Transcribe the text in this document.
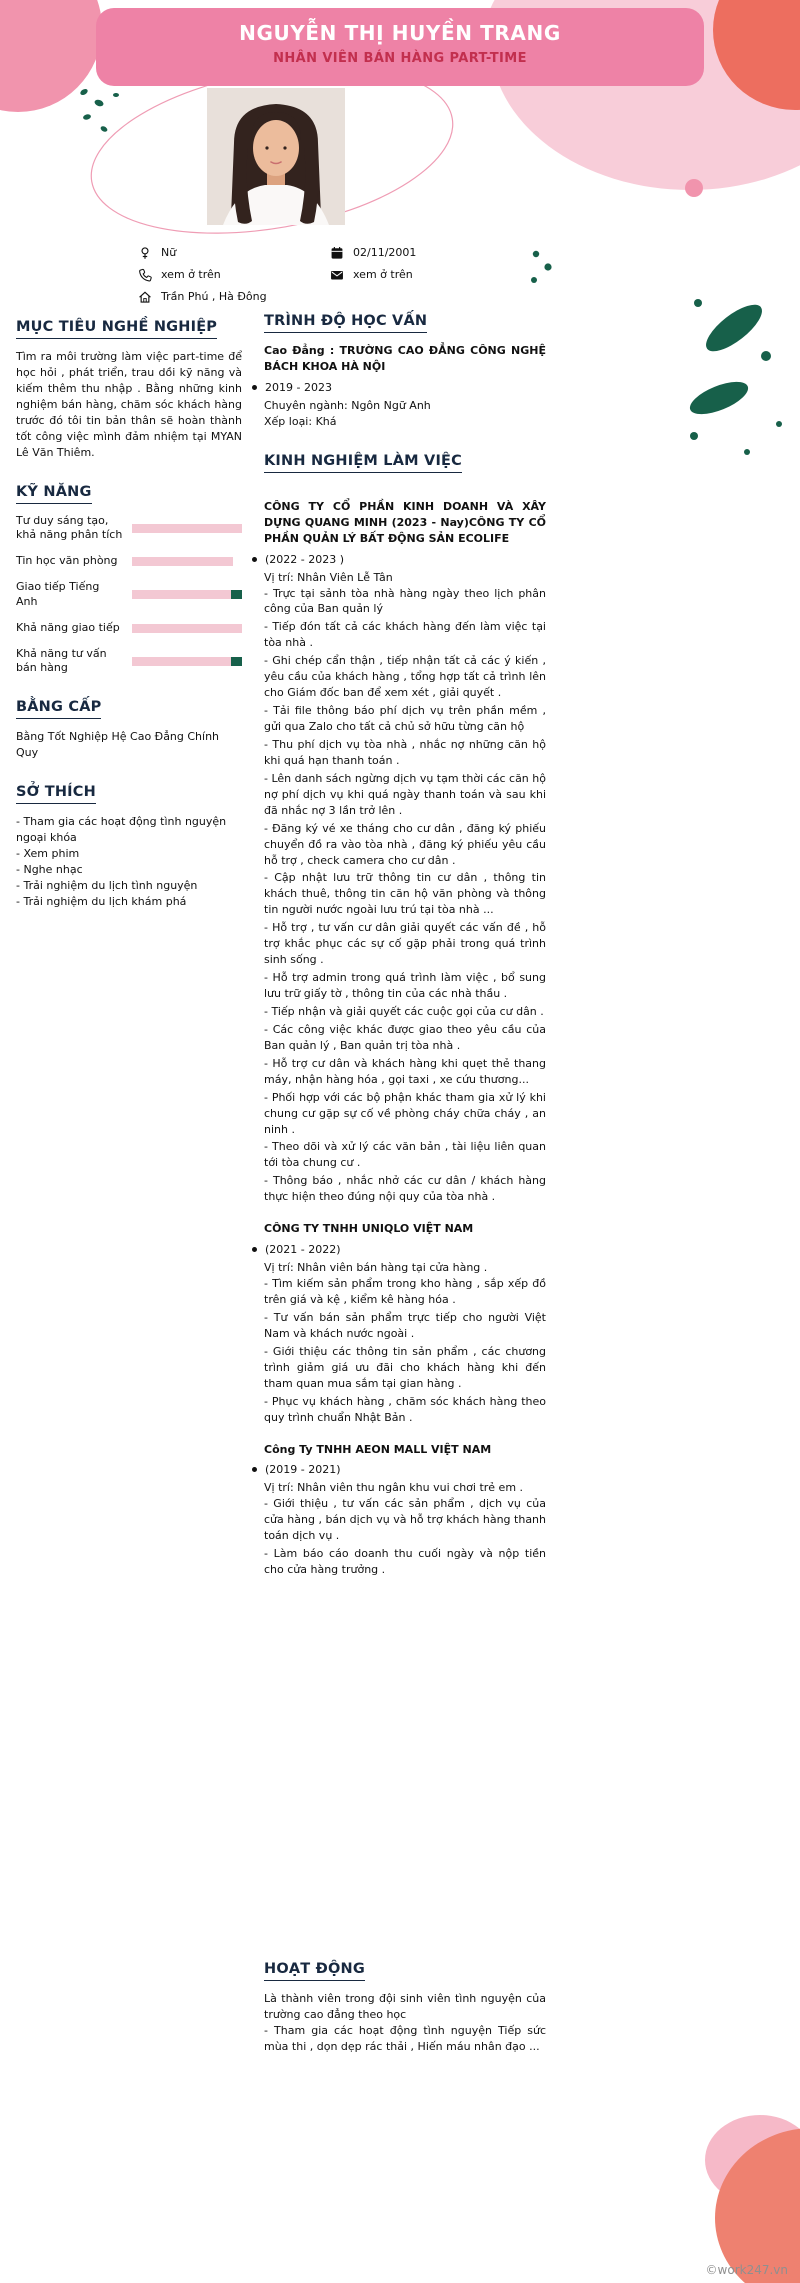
NGUYỄN THỊ HUYỀN TRANG
NHÂN VIÊN BÁN HÀNG PART-TIME
Nữ
xem ở trên
Trần Phú , Hà Đông
02/11/2001
xem ở trên
MỤC TIÊU NGHỀ NGHIỆP

Tìm ra môi trường làm việc part-time để học hỏi , phát triển, trau dồi kỹ năng và kiếm thêm thu nhập . Bằng những kinh nghiệm bán hàng, chăm sóc khách hàng trước đó tôi tin bản thân sẽ hoàn thành tốt công việc mình đảm nhiệm tại MYAN Lê Văn Thiêm.

KỸ NĂNG
Tư duy sáng tạo, khả năng phân tích
Tin học văn phòng
Giao tiếp Tiếng Anh
Khả năng giao tiếp
Khả năng tư vấn bán hàng
BẰNG CẤP

Bằng Tốt Nghiệp Hệ Cao Đẳng Chính Quy

SỞ THÍCH

- Tham gia các hoạt động tình nguyện ngoại khóa

- Xem phim

- Nghe nhạc

- Trải nghiệm du lịch tình nguyện

- Trải nghiệm du lịch khám phá

TRÌNH ĐỘ HỌC VẤN

Cao Đẳng : TRƯỜNG CAO ĐẲNG CÔNG NGHỆ BÁCH KHOA HÀ NỘI

2019 - 2023

Chuyên ngành: Ngôn Ngữ Anh

Xếp loại: Khá

KINH NGHIỆM LÀM VIỆC

CÔNG TY CỔ PHẦN KINH DOANH VÀ XÂY DỰNG QUANG MINH (2023 - Nay)CÔNG TY CỔ PHẦN QUẢN LÝ BẤT ĐỘNG SẢN ECOLIFE

(2022 - 2023 )

Vị trí: Nhân Viên Lễ Tân

- Trực tại sảnh tòa nhà hàng ngày theo lịch phân công của Ban quản lý

- Tiếp đón tất cả các khách hàng đến làm việc tại tòa nhà .

- Ghi chép cẩn thận , tiếp nhận tất cả các ý kiến , yêu cầu của khách hàng , tổng hợp tất cả trình lên cho Giám đốc ban để xem xét , giải quyết .

- Tải file thông báo phí dịch vụ trên phần mềm , gửi qua Zalo cho tất cả chủ sở hữu từng căn hộ

- Thu phí dịch vụ tòa nhà , nhắc nợ những căn hộ khi quá hạn thanh toán .

- Lên danh sách ngừng dịch vụ tạm thời các căn hộ nợ phí dịch vụ khi quá ngày thanh toán và sau khi đã nhắc nợ 3 lần trở lên .

- Đăng ký vé xe tháng cho cư dân , đăng ký phiếu chuyển đồ ra vào tòa nhà , đăng ký phiếu yêu cầu hỗ trợ , check camera cho cư dân .

- Cập nhật lưu trữ thông tin cư dân , thông tin khách thuê, thông tin căn hộ văn phòng và thông tin người nước ngoài lưu trú tại tòa nhà ...

- Hỗ trợ , tư vấn cư dân giải quyết các vấn đề , hỗ trợ khắc phục các sự cố gặp phải trong quá trình sinh sống .

- Hỗ trợ admin trong quá trình làm việc , bổ sung lưu trữ giấy tờ , thông tin của các nhà thầu .

- Tiếp nhận và giải quyết các cuộc gọi của cư dân .

- Các công việc khác được giao theo yêu cầu của Ban quản lý , Ban quản trị tòa nhà .

- Hỗ trợ cư dân và khách hàng khi quẹt thẻ thang máy, nhận hàng hóa , gọi taxi , xe cứu thương...

- Phối hợp với các bộ phận khác tham gia xử lý khi chung cư gặp sự cố về phòng cháy chữa cháy , an ninh .

- Theo dõi và xử lý các văn bản , tài liệu liên quan tới tòa chung cư .

- Thông báo , nhắc nhở các cư dân / khách hàng thực hiện theo đúng nội quy của tòa nhà .

CÔNG TY TNHH UNIQLO VIỆT NAM

(2021 - 2022)

Vị trí: Nhân viên bán hàng tại cửa hàng .

- Tìm kiếm sản phẩm trong kho hàng , sắp xếp đồ trên giá và kệ , kiểm kê hàng hóa .

- Tư vấn bán sản phẩm trực tiếp cho người Việt Nam và khách nước ngoài .

- Giới thiệu các thông tin sản phẩm , các chương trình giảm giá ưu đãi cho khách hàng khi đến tham quan mua sắm tại gian hàng .

- Phục vụ khách hàng , chăm sóc khách hàng theo quy trình chuẩn Nhật Bản .

Công Ty TNHH AEON MALL VIỆT NAM

(2019 - 2021)

Vị trí: Nhân viên thu ngân khu vui chơi trẻ em .

- Giới thiệu , tư vấn các sản phẩm , dịch vụ của cửa hàng , bán dịch vụ và hỗ trợ khách hàng thanh toán dịch vụ .

- Làm báo cáo doanh thu cuối ngày và nộp tiền cho cửa hàng trưởng .

HOẠT ĐỘNG

Là thành viên trong đội sinh viên tình nguyện của trường cao đẳng theo học

- Tham gia các hoạt động tình nguyện Tiếp sức mùa thi , dọn dẹp rác thải , Hiến máu nhân đạo ...

©work247.vn
